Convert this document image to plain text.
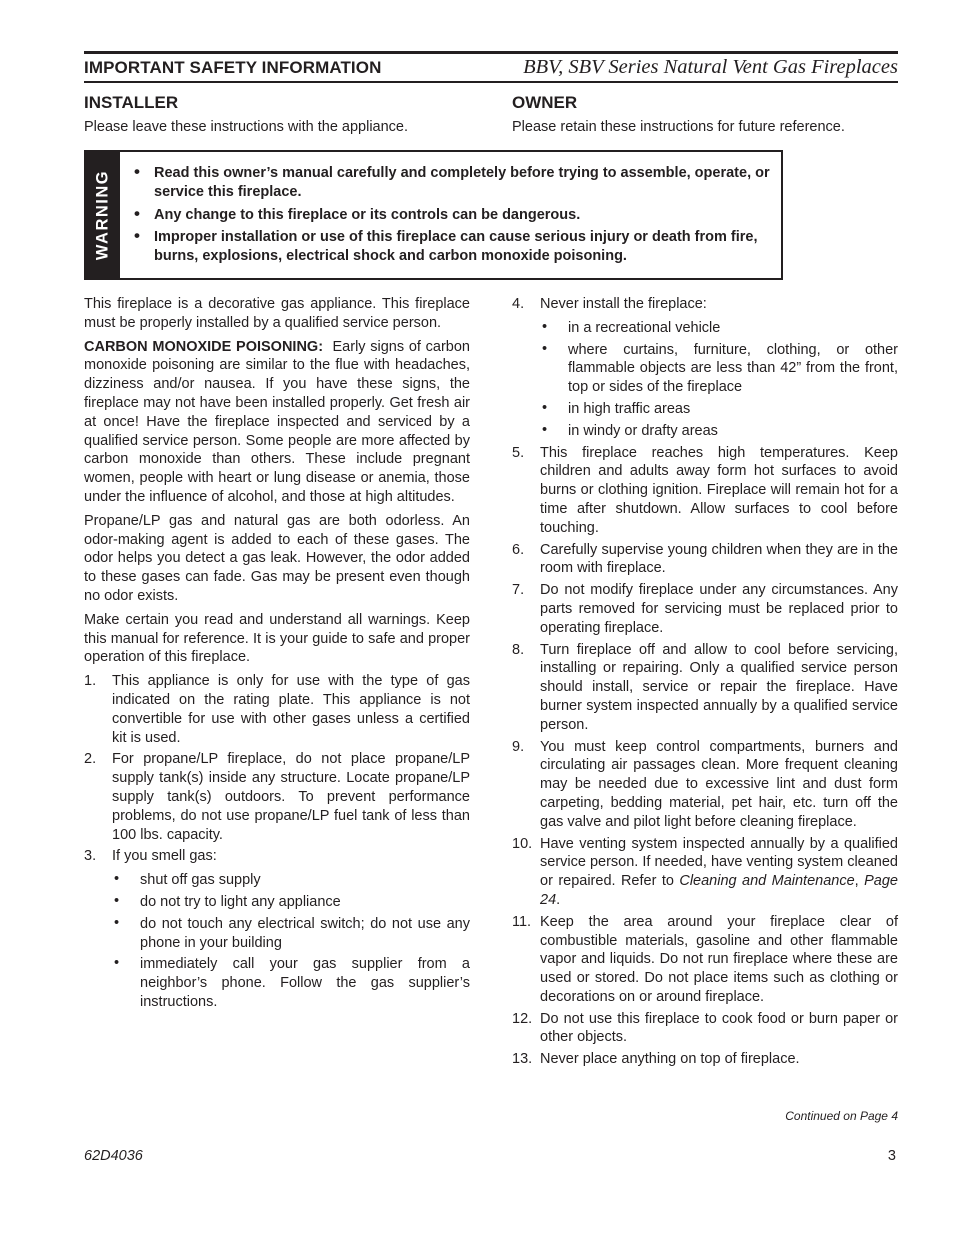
IMPORTANT SAFETY INFORMATION	BBV, SBV Series Natural Vent Gas Fireplaces
INSTALLER
Please leave these instructions with the appliance.
OWNER
Please retain these instructions for future reference.
WARNING
•	Read this owner’s manual carefully and completely before trying to assemble, operate, or service this fireplace.
• Any change to this fireplace or its controls can be dangerous.
• Improper installation or use of this fireplace can cause serious injury or death from fire, burns, explosions, electrical shock and carbon monoxide poisoning.

This fireplace is a decorative gas appliance. This fireplace must be properly installed by a qualified service person.

CARBON MONOXIDE POISONING: Early signs of carbon monoxide poisoning are similar to the flue with headaches, dizziness and/or nausea. If you have these signs, the fireplace may not have been installed properly. Get fresh air at once! Have the fireplace inspected and serviced by a qualified service person. Some people are more affected by carbon monoxide than others. These include pregnant women, people with heart or lung disease or anemia, those under the influence of alcohol, and those at high altitudes.

Propane/LP gas and natural gas are both odorless. An odor-making agent is added to each of these gases. The odor helps you detect a gas leak. However, the odor added to these gases can fade. Gas may be present even though no odor exists.

Make certain you read and understand all warnings. Keep this manual for reference. It is your guide to safe and proper operation of this fireplace.

1. This appliance is only for use with the type of gas indicated on the rating plate. This appliance is not convertible for use with other gases unless a certified kit is used.
2. For propane/LP fireplace, do not place propane/LP supply tank(s) inside any structure. Locate propane/LP supply tank(s) outdoors. To prevent performance problems, do not use propane/LP fuel tank of less than 100 lbs. capacity.
3. If you smell gas:
• shut off gas supply
• do not try to light any appliance
• do not touch any electrical switch; do not use any phone in your building
• immediately call your gas supplier from a neighbor’s phone. Follow the gas supplier’s instructions.
4. Never install the fireplace:
• in a recreational vehicle
• where curtains, furniture, clothing, or other flammable objects are less than 42” from the front, top or sides of the fireplace
• in high traffic areas
• in windy or drafty areas
5. This fireplace reaches high temperatures. Keep children and adults away form hot surfaces to avoid burns or clothing ignition. Fireplace will remain hot for a time after shutdown. Allow surfaces to cool before touching.
6. Carefully supervise young children when they are in the room with fireplace.
7. Do not modify fireplace under any circumstances. Any parts removed for servicing must be replaced prior to operating fireplace.
8. Turn fireplace off and allow to cool before servicing, installing or repairing. Only a qualified service person should install, service or repair the fireplace. Have burner system inspected annually by a qualified service person.
9. You must keep control compartments, burners and circulating air passages clean. More frequent cleaning may be needed due to excessive lint and dust form carpeting, bedding material, pet hair, etc. turn off the gas valve and pilot light before cleaning fireplace.
10. Have venting system inspected annually by a qualified service person. If needed, have venting system cleaned or repaired. Refer to Cleaning and Maintenance, Page 24.
11. Keep the area around your fireplace clear of combustible materials, gasoline and other flammable vapor and liquids. Do not run fireplace where these are used or stored. Do not place items such as clothing or decorations on or around fireplace.
12. Do not use this fireplace to cook food or burn paper or other objects.
13. Never place anything on top of fireplace.
Continued on Page 4
62D4036	3
